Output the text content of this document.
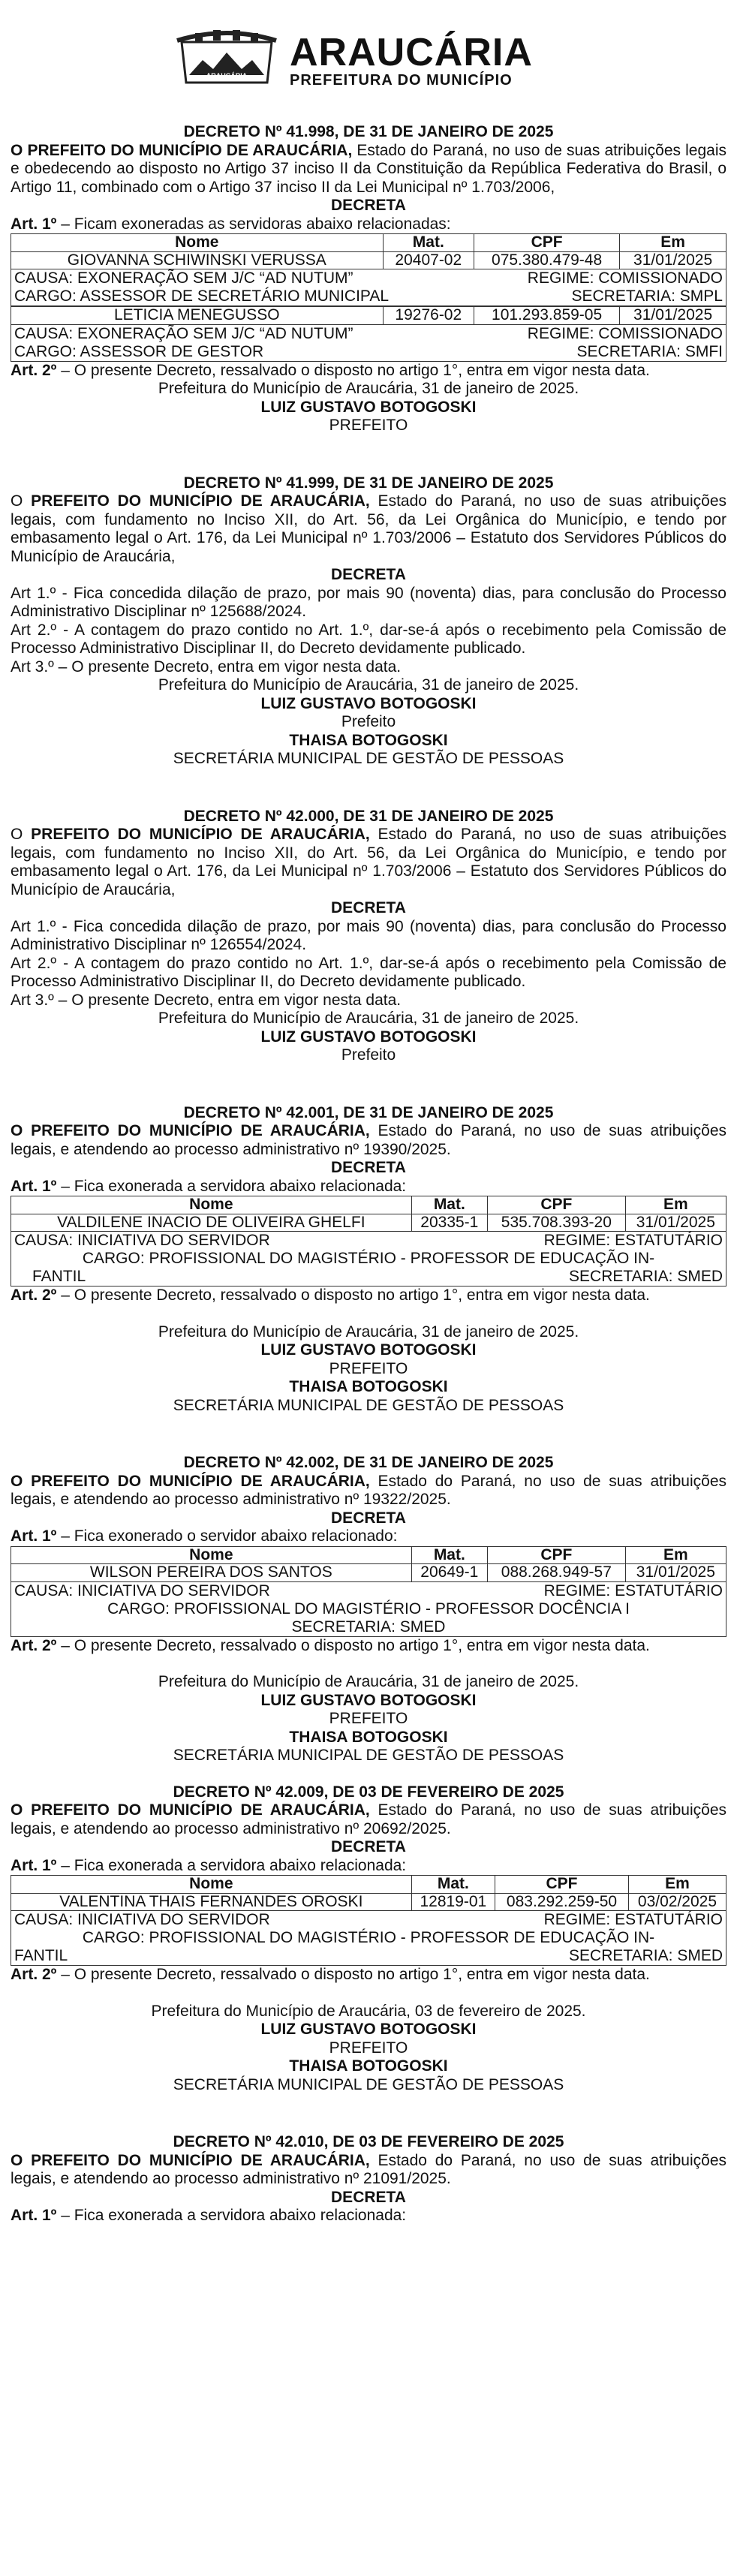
ARAUCÁRIA
ARAUCÁRIA
PREFEITURA DO MUNICÍPIO
DECRETO Nº 41.998, DE 31 DE JANEIRO DE 2025
O PREFEITO DO MUNICÍPIO DE ARAUCÁRIA, Estado do Paraná, no uso de suas atribuições legais e obedecendo ao disposto no Artigo 37 inciso II da Constituição da República Federativa do Brasil, o Artigo 11, combinado com o Artigo 37 inciso II da Lei Municipal nº 1.703/2006,
DECRETA
Art. 1º – Ficam exoneradas as servidoras abaixo relacionadas:
Nome	Mat.	CPF	Em
GIOVANNA SCHIWINSKI VERUSSA	20407-02	075.380.479-48	31/01/2025
CAUSA: EXONERAÇÃO SEM J/C “AD NUTUM”	REGIME: COMISSIONADO
CARGO: ASSESSOR DE SECRETÁRIO MUNICIPAL	SECRETARIA: SMPL
LETICIA MENEGUSSO	19276-02	101.293.859-05	31/01/2025
CAUSA: EXONERAÇÃO SEM J/C “AD NUTUM”	REGIME: COMISSIONADO
CARGO: ASSESSOR DE GESTOR	SECRETARIA: SMFI
Art. 2º – O presente Decreto, ressalvado o disposto no artigo 1°, entra em vigor nesta data.
Prefeitura do Município de Araucária, 31 de janeiro de 2025.
LUIZ GUSTAVO BOTOGOSKI
PREFEITO
DECRETO Nº 41.999, DE 31 DE JANEIRO DE 2025
O PREFEITO DO MUNICÍPIO DE ARAUCÁRIA, Estado do Paraná, no uso de suas atribuições legais, com fundamento no Inciso XII, do Art. 56, da Lei Orgânica do Município, e tendo por embasamento legal o Art. 176, da Lei Municipal nº 1.703/2006 – Estatuto dos Servidores Públicos do Município de Araucária,
DECRETA
Art 1.º - Fica concedida dilação de prazo, por mais 90 (noventa) dias, para conclusão do Processo Administrativo Disciplinar nº 125688/2024.
Art 2.º - A contagem do prazo contido no Art. 1.º, dar-se-á após o recebimento pela Comissão de Processo Administrativo Disciplinar II, do Decreto devidamente publicado.
Art 3.º – O presente Decreto, entra em vigor nesta data.
Prefeitura do Município de Araucária, 31 de janeiro de 2025.
LUIZ GUSTAVO BOTOGOSKI
Prefeito
THAISA BOTOGOSKI
SECRETÁRIA MUNICIPAL DE GESTÃO DE PESSOAS
DECRETO Nº 42.000, DE 31 DE JANEIRO DE 2025
O PREFEITO DO MUNICÍPIO DE ARAUCÁRIA, Estado do Paraná, no uso de suas atribuições legais, com fundamento no Inciso XII, do Art. 56, da Lei Orgânica do Município, e tendo por embasamento legal o Art. 176, da Lei Municipal nº 1.703/2006 – Estatuto dos Servidores Públicos do Município de Araucária,
DECRETA
Art 1.º - Fica concedida dilação de prazo, por mais 90 (noventa) dias, para conclusão do Processo Administrativo Disciplinar nº 126554/2024.
Art 2.º - A contagem do prazo contido no Art. 1.º, dar-se-á após o recebimento pela Comissão de Processo Administrativo Disciplinar II, do Decreto devidamente publicado.
Art 3.º – O presente Decreto, entra em vigor nesta data.
Prefeitura do Município de Araucária, 31 de janeiro de 2025.
LUIZ GUSTAVO BOTOGOSKI
Prefeito
DECRETO Nº 42.001, DE 31 DE JANEIRO DE 2025
O PREFEITO DO MUNICÍPIO DE ARAUCÁRIA, Estado do Paraná, no uso de suas atribuições legais, e atendendo ao processo administrativo nº 19390/2025.
DECRETA
Art. 1º – Fica exonerada a servidora abaixo relacionada:
Nome	Mat.	CPF	Em
VALDILENE INACIO DE OLIVEIRA GHELFI	20335-1	535.708.393-20	31/01/2025
CAUSA: INICIATIVA DO SERVIDOR	REGIME: ESTATUTÁRIO
CARGO: PROFISSIONAL DO MAGISTÉRIO - PROFESSOR DE EDUCAÇÃO IN-
FANTIL	SECRETARIA: SMED
Art. 2º – O presente Decreto, ressalvado o disposto no artigo 1°, entra em vigor nesta data.
Prefeitura do Município de Araucária, 31 de janeiro de 2025.
LUIZ GUSTAVO BOTOGOSKI
PREFEITO
THAISA BOTOGOSKI
SECRETÁRIA MUNICIPAL DE GESTÃO DE PESSOAS
DECRETO Nº 42.002, DE 31 DE JANEIRO DE 2025
O PREFEITO DO MUNICÍPIO DE ARAUCÁRIA, Estado do Paraná, no uso de suas atribuições legais, e atendendo ao processo administrativo nº 19322/2025.
DECRETA
Art. 1º – Fica exonerado o servidor abaixo relacionado:
Nome	Mat.	CPF	Em
WILSON PEREIRA DOS SANTOS	20649-1	088.268.949-57	31/01/2025
CAUSA: INICIATIVA DO SERVIDOR	REGIME: ESTATUTÁRIO
CARGO: PROFISSIONAL DO MAGISTÉRIO - PROFESSOR DOCÊNCIA I
SECRETARIA: SMED
Art. 2º – O presente Decreto, ressalvado o disposto no artigo 1°, entra em vigor nesta data.
Prefeitura do Município de Araucária, 31 de janeiro de 2025.
LUIZ GUSTAVO BOTOGOSKI
PREFEITO
THAISA BOTOGOSKI
SECRETÁRIA MUNICIPAL DE GESTÃO DE PESSOAS
DECRETO Nº 42.009, DE 03 DE FEVEREIRO DE 2025
O PREFEITO DO MUNICÍPIO DE ARAUCÁRIA, Estado do Paraná, no uso de suas atribuições legais, e atendendo ao processo administrativo nº 20692/2025.
DECRETA
Art. 1º – Fica exonerada a servidora abaixo relacionada:
Nome	Mat.	CPF	Em
VALENTINA THAIS FERNANDES OROSKI	12819-01	083.292.259-50	03/02/2025
CAUSA: INICIATIVA DO SERVIDOR	REGIME: ESTATUTÁRIO
CARGO: PROFISSIONAL DO MAGISTÉRIO - PROFESSOR DE EDUCAÇÃO IN-
FANTIL	SECRETARIA: SMED
Art. 2º – O presente Decreto, ressalvado o disposto no artigo 1°, entra em vigor nesta data.
Prefeitura do Município de Araucária, 03 de fevereiro de 2025.
LUIZ GUSTAVO BOTOGOSKI
PREFEITO
THAISA BOTOGOSKI
SECRETÁRIA MUNICIPAL DE GESTÃO DE PESSOAS
DECRETO Nº 42.010, DE 03 DE FEVEREIRO DE 2025
O PREFEITO DO MUNICÍPIO DE ARAUCÁRIA, Estado do Paraná, no uso de suas atribuições legais, e atendendo ao processo administrativo nº 21091/2025.
DECRETA
Art. 1º – Fica exonerada a servidora abaixo relacionada:
